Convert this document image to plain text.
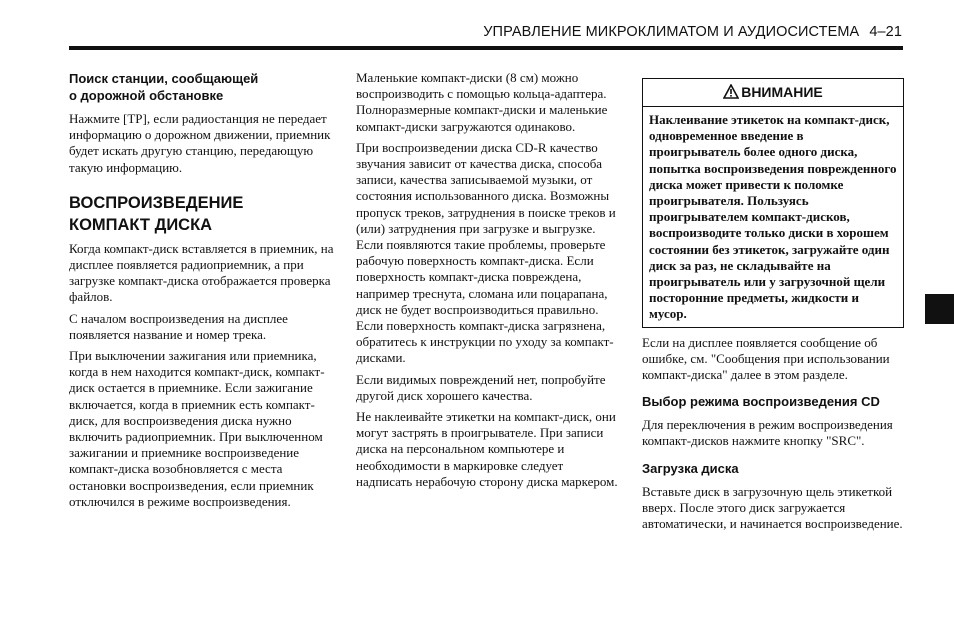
УПРАВЛЕНИЕ МИКРОКЛИМАТОМ И АУДИОСИСТЕМА 4–21
Поиск станции, сообщающей
о дорожной обстановке

Нажмите [TP], если радиостанция не передает информацию о дорожном движении, приемник будет искать другую станцию, передающую такую информацию.

ВОСПРОИЗВЕДЕНИЕ
КОМПАКТ ДИСКА

Когда компакт-диск вставляется в приемник, на дисплее появляется радиоприемник, а при загрузке компакт-диска отображается проверка файлов.

С началом воспроизведения на дисплее появляется название и номер трека.

При выключении зажигания или приемника, когда в нем находится компакт-диск, компакт-диск остается в приемнике. Если зажигание включается, когда в приемник есть компакт-диск, для воспроизведения диска нужно включить радиоприемник. При выключенном зажигании и приемнике воспроизведение компакт-диска возобновляется с места остановки воспроизведения, если приемник отключился в режиме воспроизведения.

Маленькие компакт-диски (8 см) можно воспроизводить с помощью кольца-адаптера. Полноразмерные компакт-диски и маленькие компакт-диски загружаются одинаково.

При воспроизведении диска CD-R качество звучания зависит от качества диска, способа записи, качества записываемой музыки, от состояния использованного диска. Возможны пропуск треков, затруднения в поиске треков и (или) затруднения при загрузке и выгрузке. Если появляются такие проблемы, проверьте рабочую поверхность компакт-диска. Если поверхность компакт-диска повреждена, например треснута, сломана или поцарапана, диск не будет воспроизводиться правильно. Если поверхность компакт-диска загрязнена, обратитесь к инструкции по уходу за компакт-дисками.

Если видимых повреждений нет, попробуйте другой диск хорошего качества.

Не наклеивайте этикетки на компакт-диск, они могут застрять в проигрывателе. При записи диска на персональном компьютере и необходимости в маркировке следует надписать нерабочую сторону диска маркером.

ВНИМАНИЕ
Наклеивание этикеток на компакт-диск, одновременное введение в проигрыватель более одного диска, попытка воспроизведения поврежденного диска может привести к поломке проигрывателя. Пользуясь проигрывателем компакт-дисков, воспроизводите только диски в хорошем состоянии без этикеток, загружайте один диск за раз, не складывайте на проигрыватель или у загрузочной щели посторонние предметы, жидкости и мусор.

Если на дисплее появляется сообщение об ошибке, см. "Сообщения при использовании компакт-диска" далее в этом разделе.

Выбор режима воспроизведения CD

Для переключения в режим воспроизведения компакт-дисков нажмите кнопку "SRC".

Загрузка диска

Вставьте диск в загрузочную щель этикеткой вверх. После этого диск загружается автоматически, и начинается воспроизведение.
